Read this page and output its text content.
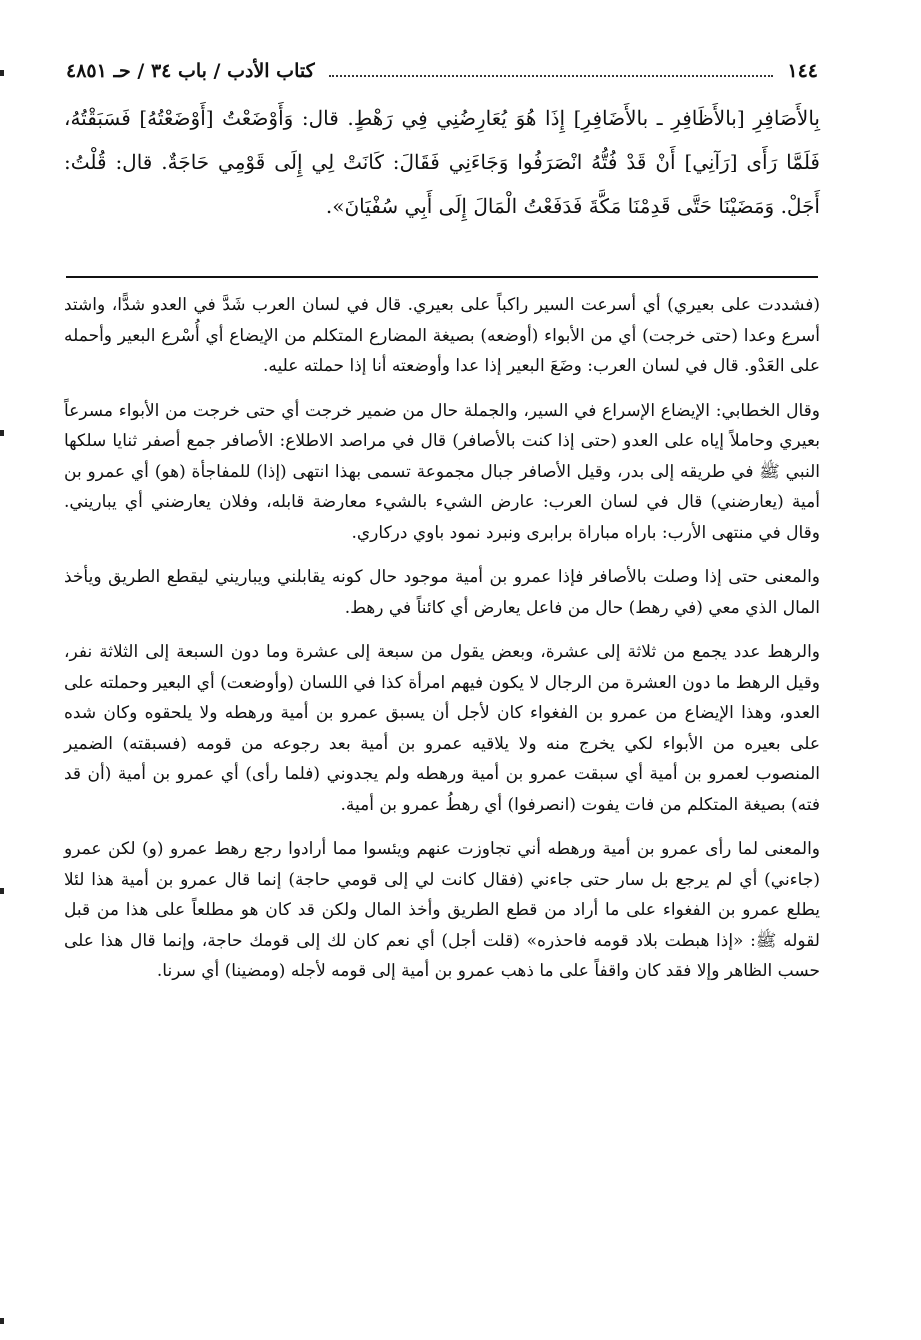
١٤٤
كتاب الأدب / باب ٣٤ / حـ ٤٨٥١

بِالأَصَافِرِ [بالأَظَافِرِ ـ بالأَضَافِرِ] إِذَا هُوَ يُعَارِضُنِي فِي رَهْطٍ. قال: وَأَوْضَعْتُ [أَوْضَعْتُهُ] فَسَبَقْتُهُ، فَلَمَّا رَأَى [رَآنِي] أَنْ قَدْ فُتُّهُ انْصَرَفُوا وَجَاءَنِي فَقَالَ: كَانَتْ لِي إِلَى قَوْمِي حَاجَةٌ. قال: قُلْتُ: أَجَلْ. وَمَضَيْنَا حَتَّى قَدِمْنَا مَكَّةَ فَدَفَعْتُ الْمَالَ إِلَى أَبِي سُفْيَانَ».

(فشددت على بعيري) أي أسرعت السير راكباً على بعيري. قال في لسان العرب شَدَّ في العدو شدًّا، واشتد أسرع وعدا (حتى خرجت) أي من الأبواء (أوضعه) بصيغة المضارع المتكلم من الإيضاع أي أُسْرع البعير وأحمله على العَدْو. قال في لسان العرب: وضَعَ البعير إذا عدا وأوضعته أنا إذا حملته عليه.

وقال الخطابي: الإيضاع الإسراع في السير، والجملة حال من ضمير خرجت أي حتى خرجت من الأبواء مسرعاً بعيري وحاملاً إياه على العدو (حتى إذا كنت بالأصافر) قال في مراصد الاطلاع: الأصافر جمع أصفر ثنايا سلكها النبي ﷺ في طريقه إلى بدر، وقيل الأصافر جبال مجموعة تسمى بهذا انتهى (إذا) للمفاجأة (هو) أي عمرو بن أمية (يعارضني) قال في لسان العرب: عارض الشيء بالشيء معارضة قابله، وفلان يعارضني أي يباريني. وقال في منتهى الأرب: باراه مباراة برابرى ونبرد نمود باوي دركاري.

والمعنى حتى إذا وصلت بالأصافر فإذا عمرو بن أمية موجود حال كونه يقابلني ويباريني ليقطع الطريق ويأخذ المال الذي معي (في رهط) حال من فاعل يعارض أي كائناً في رهط.

والرهط عدد يجمع من ثلاثة إلى عشرة، وبعض يقول من سبعة إلى عشرة وما دون السبعة إلى الثلاثة نفر، وقيل الرهط ما دون العشرة من الرجال لا يكون فيهم امرأة كذا في اللسان (وأوضعت) أي البعير وحملته على العدو، وهذا الإيضاع من عمرو بن الفغواء كان لأجل أن يسبق عمرو بن أمية ورهطه ولا يلحقوه وكان شده على بعيره من الأبواء لكي يخرج منه ولا يلاقيه عمرو بن أمية بعد رجوعه من قومه (فسبقته) الضمير المنصوب لعمرو بن أمية أي سبقت عمرو بن أمية ورهطه ولم يجدوني (فلما رأى) أي عمرو بن أمية (أن قد فته) بصيغة المتكلم من فات يفوت (انصرفوا) أي رهطُ عمرو بن أمية.

والمعنى لما رأى عمرو بن أمية ورهطه أني تجاوزت عنهم ويئسوا مما أرادوا رجع رهط عمرو (و) لكن عمرو (جاءني) أي لم يرجع بل سار حتى جاءني (فقال كانت لي إلى قومي حاجة) إنما قال عمرو بن أمية هذا لئلا يطلع عمرو بن الفغواء على ما أراد من قطع الطريق وأخذ المال ولكن قد كان هو مطلعاً على هذا من قبل لقوله ﷺ: «إذا هبطت بلاد قومه فاحذره» (قلت أجل) أي نعم كان لك إلى قومك حاجة، وإنما قال هذا على حسب الظاهر وإلا فقد كان واقفاً على ما ذهب عمرو بن أمية إلى قومه لأجله (ومضينا) أي سرنا.
